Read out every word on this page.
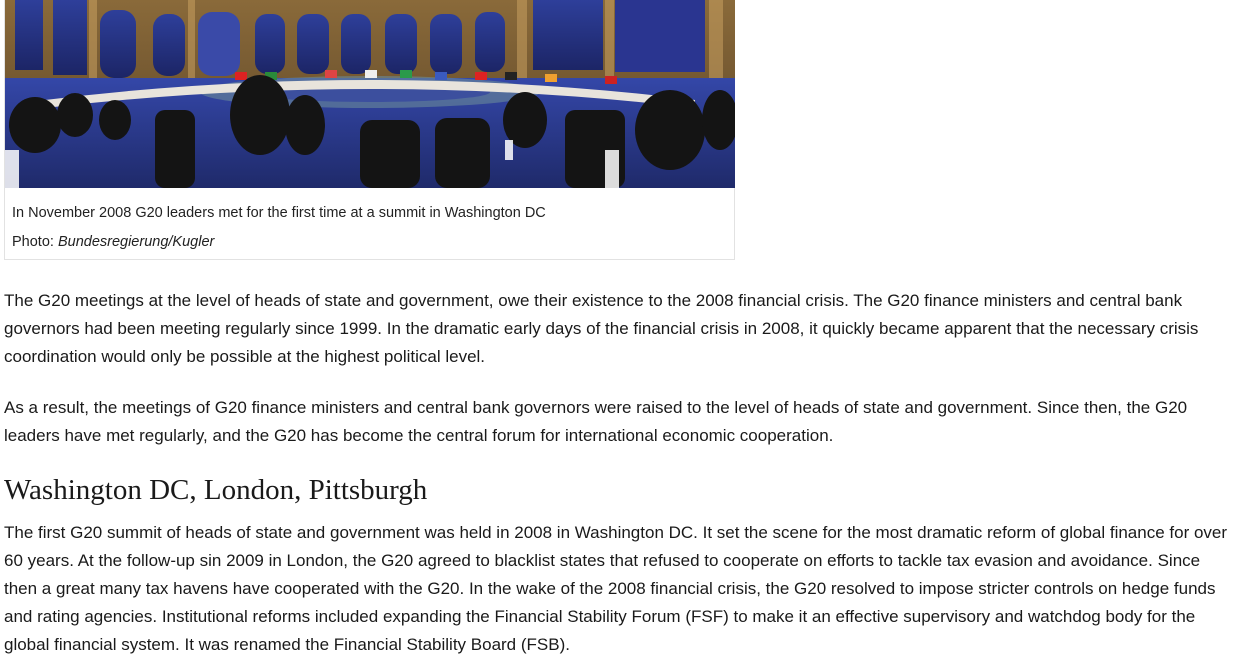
In November 2008 G20 leaders met for the first time at a summit in Washington DC
Photo: Bundesregierung/Kugler

The G20 meetings at the level of heads of state and government, owe their existence to the 2008 financial crisis. The G20 finance ministers and central bank governors had been meeting regularly since 1999. In the dramatic early days of the financial crisis in 2008, it quickly became apparent that the necessary crisis coordination would only be possible at the highest political level.

As a result, the meetings of G20 finance ministers and central bank governors were raised to the level of heads of state and government. Since then, the G20 leaders have met regularly, and the G20 has become the central forum for international economic cooperation.

Washington DC, London, Pittsburgh

The first G20 summit of heads of state and government was held in 2008 in Washington DC. It set the scene for the most dramatic reform of global finance for over 60 years. At the follow-up sin 2009 in London, the G20 agreed to blacklist states that refused to cooperate on efforts to tackle tax evasion and avoidance. Since then a great many tax havens have cooperated with the G20. In the wake of the 2008 financial crisis, the G20 resolved to impose stricter controls on hedge funds and rating agencies. Institutional reforms included expanding the Financial Stability Forum (FSF) to make it an effective supervisory and watchdog body for the global financial system. It was renamed the Financial Stability Board (FSB).
